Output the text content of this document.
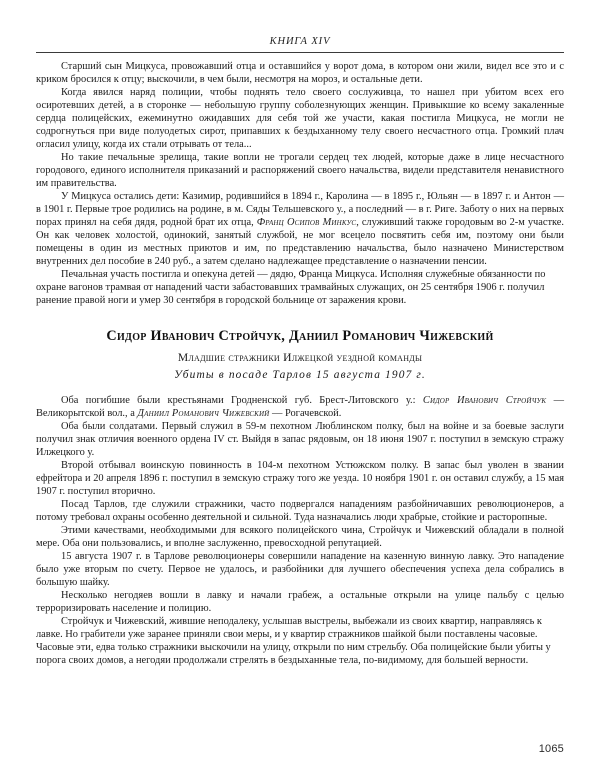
КНИГА XIV

Старший сын Мицкуса, провожавший отца и оставшийся у ворот дома, в котором они жили, видел все это и с криком бросился к отцу; выскочили, в чем были, несмотря на мороз, и остальные дети.

Когда явился наряд полиции, чтобы поднять тело своего сослуживца, то нашел при убитом всех его осиротевших детей, а в сторонке — небольшую группу соболезнующих женщин. Привыкшие ко всему закаленные сердца полицейских, ежеминутно ожидавших для себя той же участи, какая постигла Мицкуса, не могли не содрогнуться при виде полуодетых сирот, припавших к бездыханному телу своего несчастного отца. Громкий плач огласил улицу, когда их стали отрывать от тела...

Но такие печальные зрелища, такие вопли не трогали сердец тех людей, которые даже в лице несчастного городового, единого исполнителя приказаний и распоряжений своего начальства, видели представителя ненавистного им правительства.

У Мицкуса остались дети: Казимир, родившийся в 1894 г., Каролина — в 1895 г., Юльян — в 1897 г. и Антон — в 1901 г. Первые трое родились на родине, в м. Сяды Тельшевского у., а последний — в г. Риге. Заботу о них на первых порах принял на себя дядя, родной брат их отца, Франц Осипов Минкус, служивший также городовым во 2-м участке. Он как человек холостой, одинокий, занятый службой, не мог всецело посвятить себя им, поэтому они были помещены в один из местных приютов и им, по представлению начальства, было назначено Министерством внутренних дел пособие в 240 руб., а затем сделано надлежащее представление о назначении пенсии.

Печальная участь постигла и опекуна детей — дядю, Франца Мицкуса. Исполняя служебные обязанности по охране вагонов трамвая от нападений части забастовавших трамвайных служащих, он 25 сентября 1906 г. получил ранение правой ноги и умер 30 сентября в городской больнице от заражения крови.

Сидор Иванович Стройчук, Даниил Романович Чижевский
Младшие стражники Илжецкой уездной команды
Убиты в посаде Тарлов 15 августа 1907 г.

Оба погибшие были крестьянами Гродненской губ. Брест-Литовского у.: Сидор Иванович Стройчук — Великорытской вол., а Даниил Романович Чижевский — Рогачевской.

Оба были солдатами. Первый служил в 59-м пехотном Люблинском полку, был на войне и за боевые заслуги получил знак отличия военного ордена IV ст. Выйдя в запас рядовым, он 18 июня 1907 г. поступил в земскую стражу Илжецкого у.

Второй отбывал воинскую повинность в 104-м пехотном Устюжском полку. В запас был уволен в звании ефрейтора и 20 апреля 1896 г. поступил в земскую стражу того же уезда. 10 ноября 1901 г. он оставил службу, а 15 мая 1907 г. поступил вторично.

Посад Тарлов, где служили стражники, часто подвергался нападениям разбойничавших революционеров, а потому требовал охраны особенно деятельной и сильной. Туда назначались люди храбрые, стойкие и расторопные.

Этими качествами, необходимыми для всякого полицейского чина, Стройчук и Чижевский обладали в полной мере. Оба они пользовались, и вполне заслуженно, превосходной репутацией.

15 августа 1907 г. в Тарлове революционеры совершили нападение на казенную винную лавку. Это нападение было уже вторым по счету. Первое не удалось, и разбойники для лучшего обеспечения успеха дела собрались в большую шайку.

Несколько негодяев вошли в лавку и начали грабеж, а остальные открыли на улице пальбу с целью терроризировать население и полицию.

Стройчук и Чижевский, жившие неподалеку, услышав выстрелы, выбежали из своих квартир, направляясь к лавке. Но грабители уже заранее приняли свои меры, и у квартир стражников шайкой были поставлены часовые. Часовые эти, едва только стражники выскочили на улицу, открыли по ним стрельбу. Оба полицейские были убиты у порога своих домов, а негодяи продолжали стрелять в бездыханные тела, по-видимому, для большей верности.

1065
